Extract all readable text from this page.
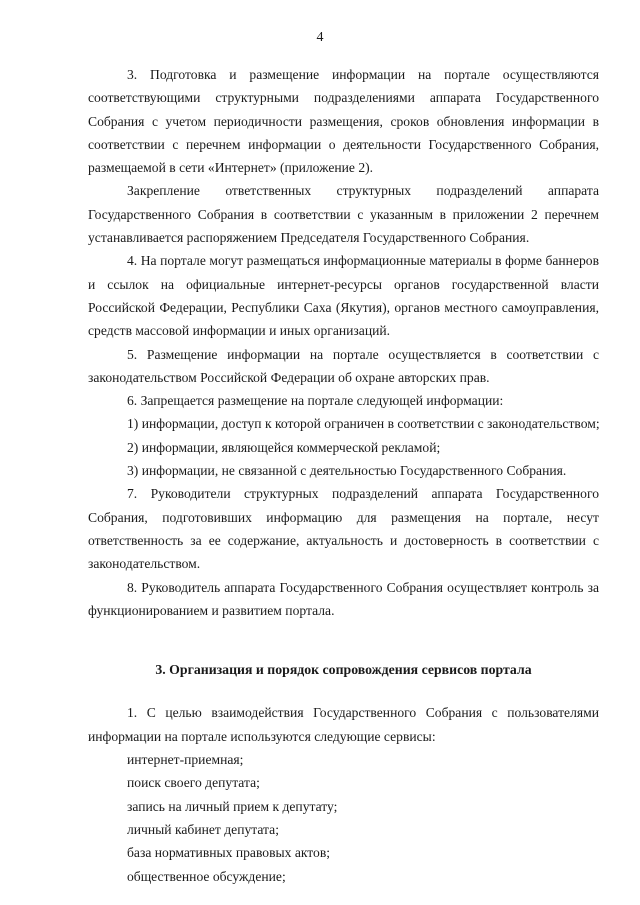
4

3. Подготовка и размещение информации на портале осуществляются соответствующими структурными подразделениями аппарата Государственного Собрания с учетом периодичности размещения, сроков обновления информации в соответствии с перечнем информации о деятельности Государственного Собрания, размещаемой в сети «Интернет» (приложение 2).

Закрепление ответственных структурных подразделений аппарата Государственного Собрания в соответствии с указанным в приложении 2 перечнем устанавливается распоряжением Председателя Государственного Собрания.

4. На портале могут размещаться информационные материалы в форме баннеров и ссылок на официальные интернет-ресурсы органов государственной власти Российской Федерации, Республики Саха (Якутия), органов местного самоуправления, средств массовой информации и иных организаций.

5. Размещение информации на портале осуществляется в соответствии с законодательством Российской Федерации об охране авторских прав.

6. Запрещается размещение на портале следующей информации:

1) информации, доступ к которой ограничен в соответствии с законодательством;

2) информации, являющейся коммерческой рекламой;

3) информации, не связанной с деятельностью Государственного Собрания.

7. Руководители структурных подразделений аппарата Государственного Собрания, подготовивших информацию для размещения на портале, несут ответственность за ее содержание, актуальность и достоверность в соответствии с законодательством.

8. Руководитель аппарата Государственного Собрания осуществляет контроль за функционированием и развитием портала.

3. Организация и порядок сопровождения сервисов портала

1. С целью взаимодействия Государственного Собрания с пользователями информации на портале используются следующие сервисы:

интернет-приемная;

поиск своего депутата;

запись на личный прием к депутату;

личный кабинет депутата;

база нормативных правовых актов;

общественное обсуждение;
